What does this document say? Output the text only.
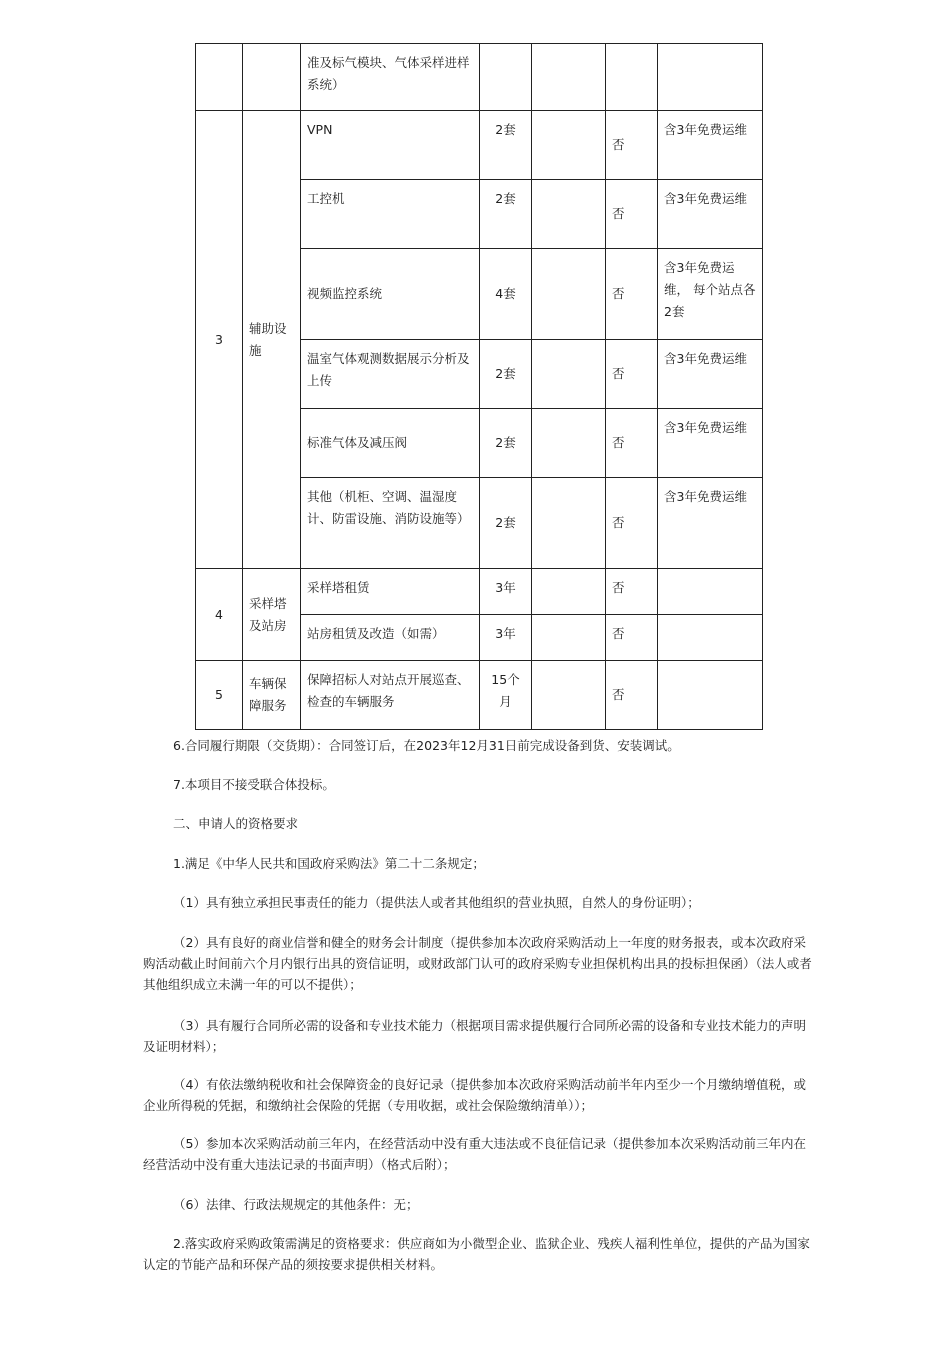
		准及标气模块、气体采样进样系统）				
3	辅助设施	VPN	2套		否	含3年免费运维
		工控机	2套		否	含3年免费运维
		视频监控系统	4套		否	含3年免费运维， 每个站点各2套
		温室气体观测数据展示分析及上传	2套		否	含3年免费运维
		标准气体及减压阀	2套		否	含3年免费运维
		其他（机柜、空调、温湿度计、防雷设施、消防设施等）	2套		否	含3年免费运维
4	采样塔及站房	采样塔租赁	3年		否	
		站房租赁及改造（如需）	3年		否	
5	车辆保障服务	保障招标人对站点开展巡查、检查的车辆服务	15个月		否	

6.合同履行期限（交货期）：合同签订后，在2023年12月31日前完成设备到货、安装调试。

7.本项目不接受联合体投标。

二、申请人的资格要求

1.满足《中华人民共和国政府采购法》第二十二条规定；

（1）具有独立承担民事责任的能力（提供法人或者其他组织的营业执照，自然人的身份证明）；

（2）具有良好的商业信誉和健全的财务会计制度（提供参加本次政府采购活动上一年度的财务报表，或本次政府采购活动截止时间前六个月内银行出具的资信证明，或财政部门认可的政府采购专业担保机构出具的投标担保函）（法人或者其他组织成立未满一年的可以不提供）；

（3）具有履行合同所必需的设备和专业技术能力（根据项目需求提供履行合同所必需的设备和专业技术能力的声明及证明材料）；

（4）有依法缴纳税收和社会保障资金的良好记录（提供参加本次政府采购活动前半年内至少一个月缴纳增值税，或企业所得税的凭据，和缴纳社会保险的凭据（专用收据，或社会保险缴纳清单））；

（5）参加本次采购活动前三年内，在经营活动中没有重大违法或不良征信记录（提供参加本次采购活动前三年内在经营活动中没有重大违法记录的书面声明）（格式后附）；

（6）法律、行政法规规定的其他条件：无；

2.落实政府采购政策需满足的资格要求：供应商如为小微型企业、监狱企业、残疾人福利性单位，提供的产品为国家认定的节能产品和环保产品的须按要求提供相关材料。
